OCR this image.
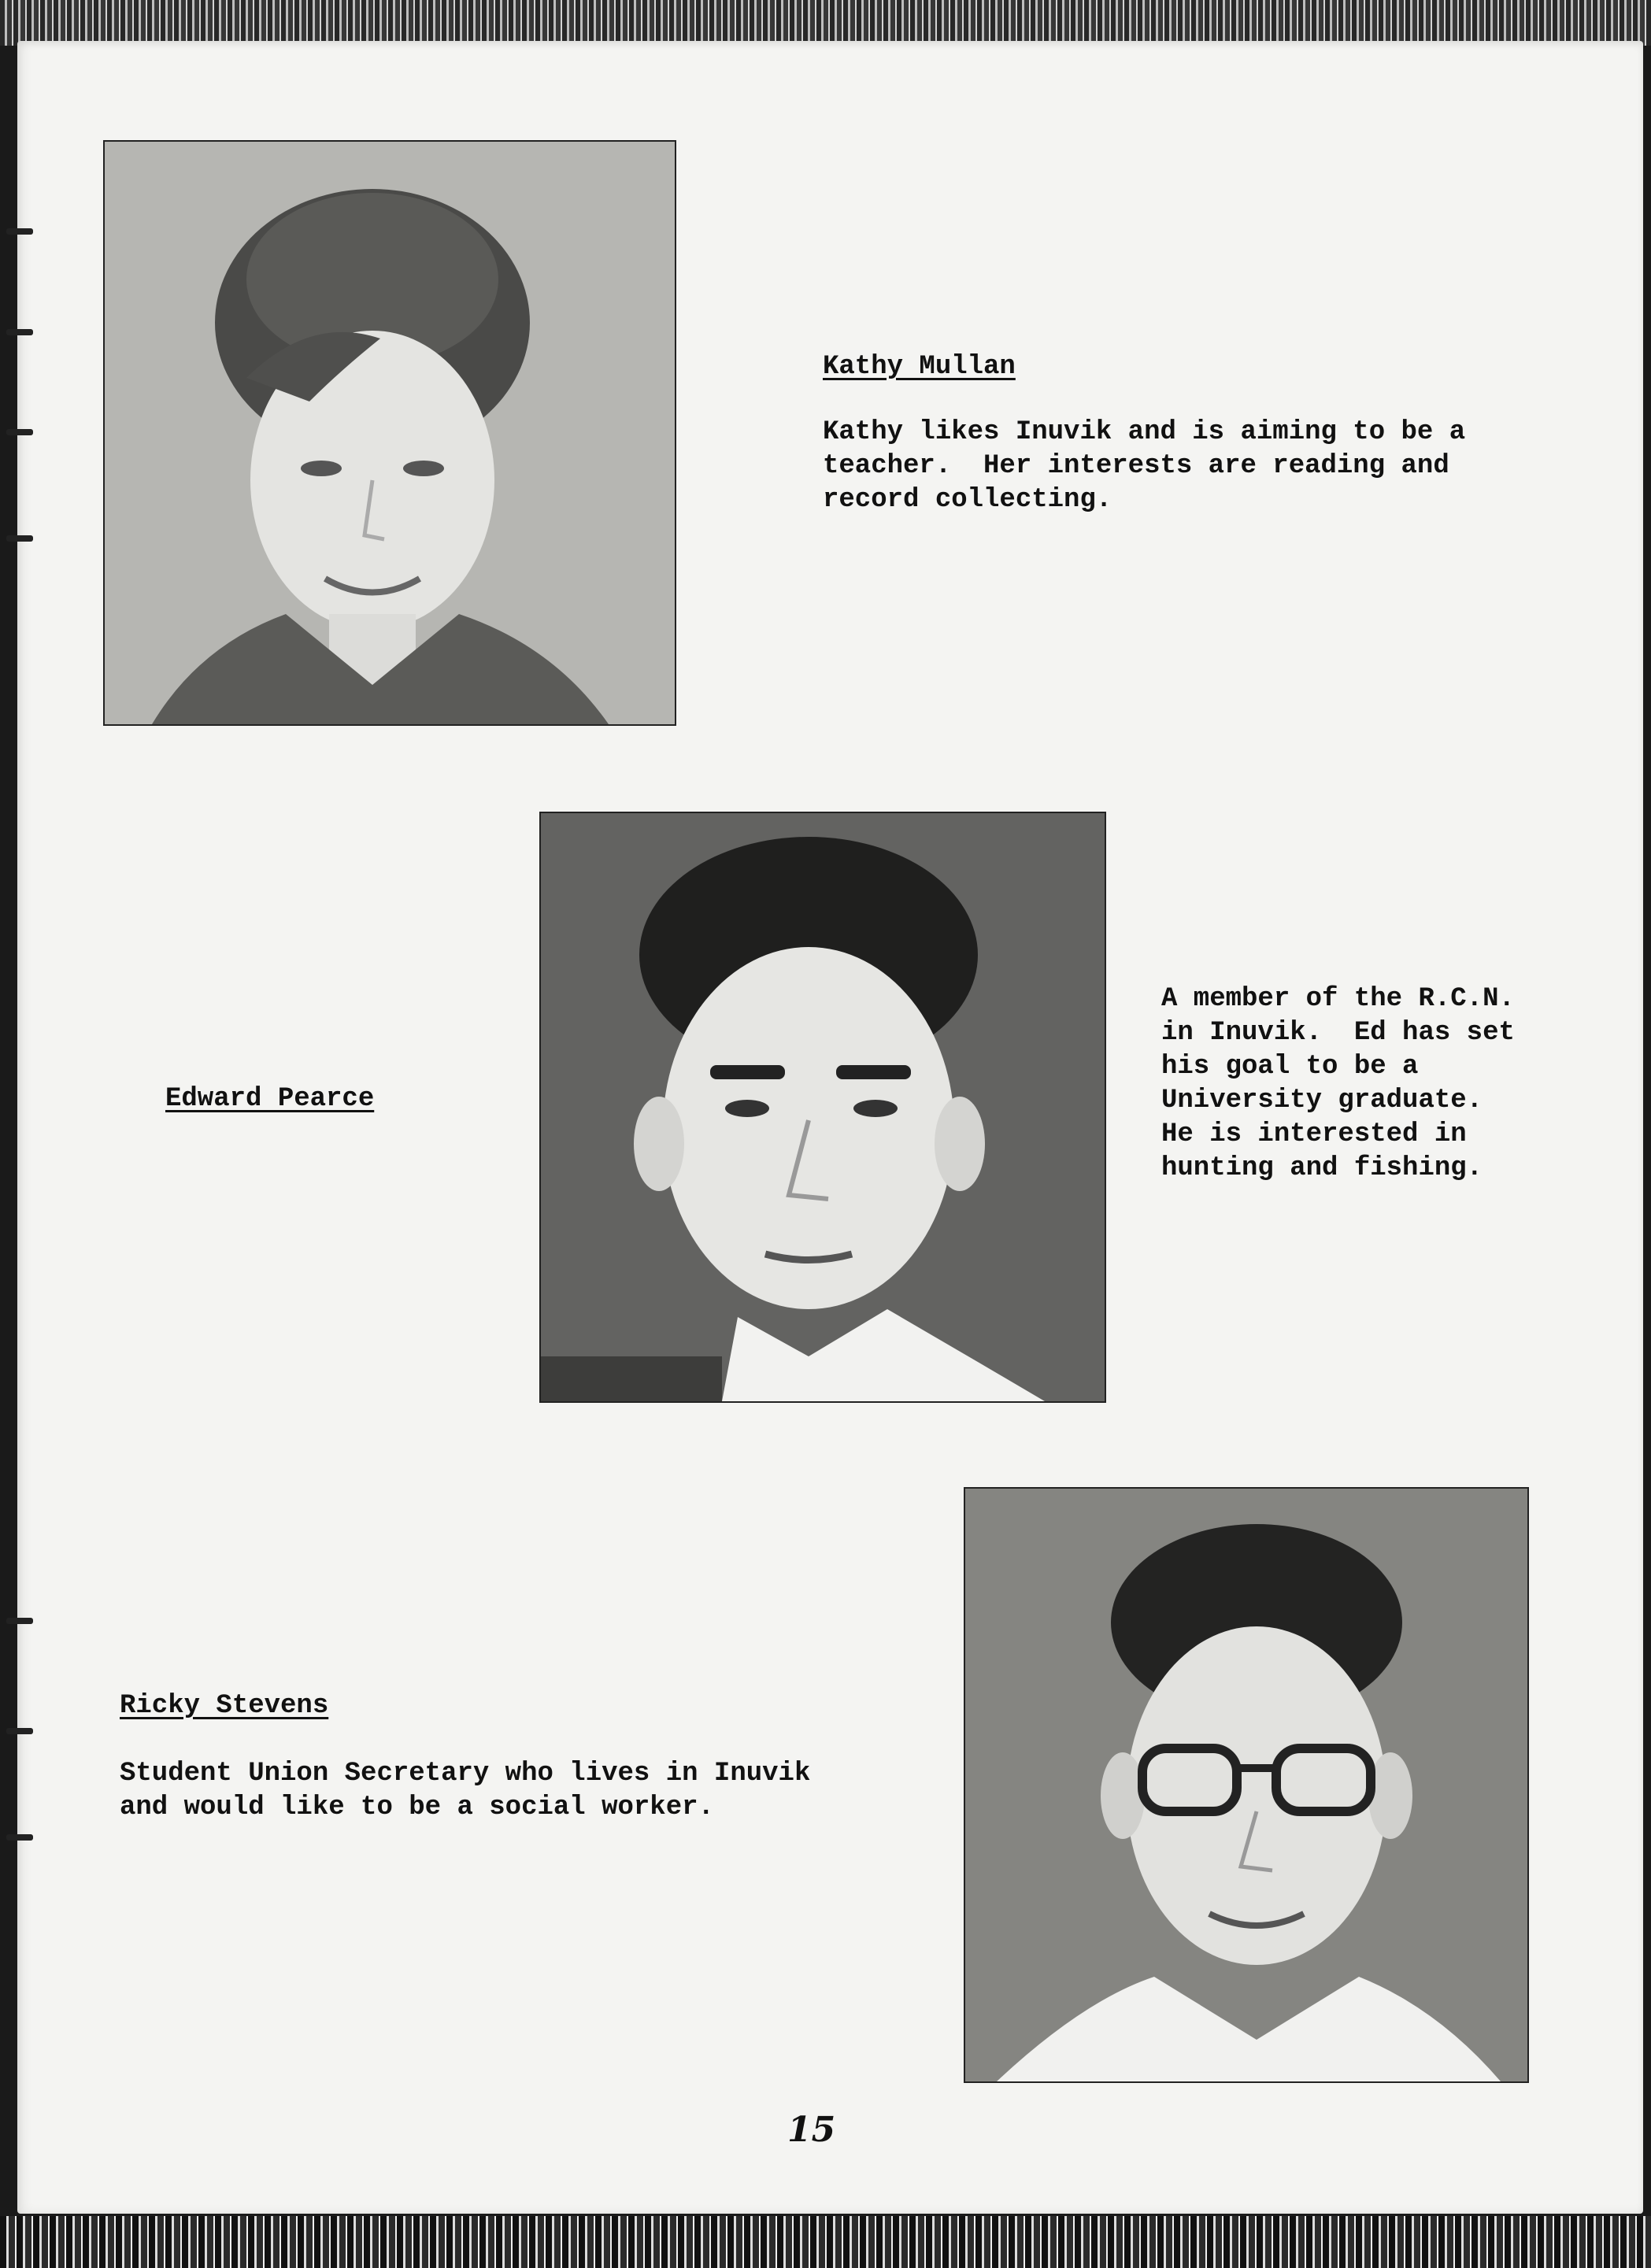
Kathy Mullan
Kathy likes Inuvik and is aiming to be a
teacher.  Her interests are reading and
record collecting.
Edward Pearce
A member of the R.C.N.
in Inuvik.  Ed has set
his goal to be a
University graduate.
He is interested in
hunting and fishing.
Ricky Stevens
Student Union Secretary who lives in Inuvik
and would like to be a social worker.
15
